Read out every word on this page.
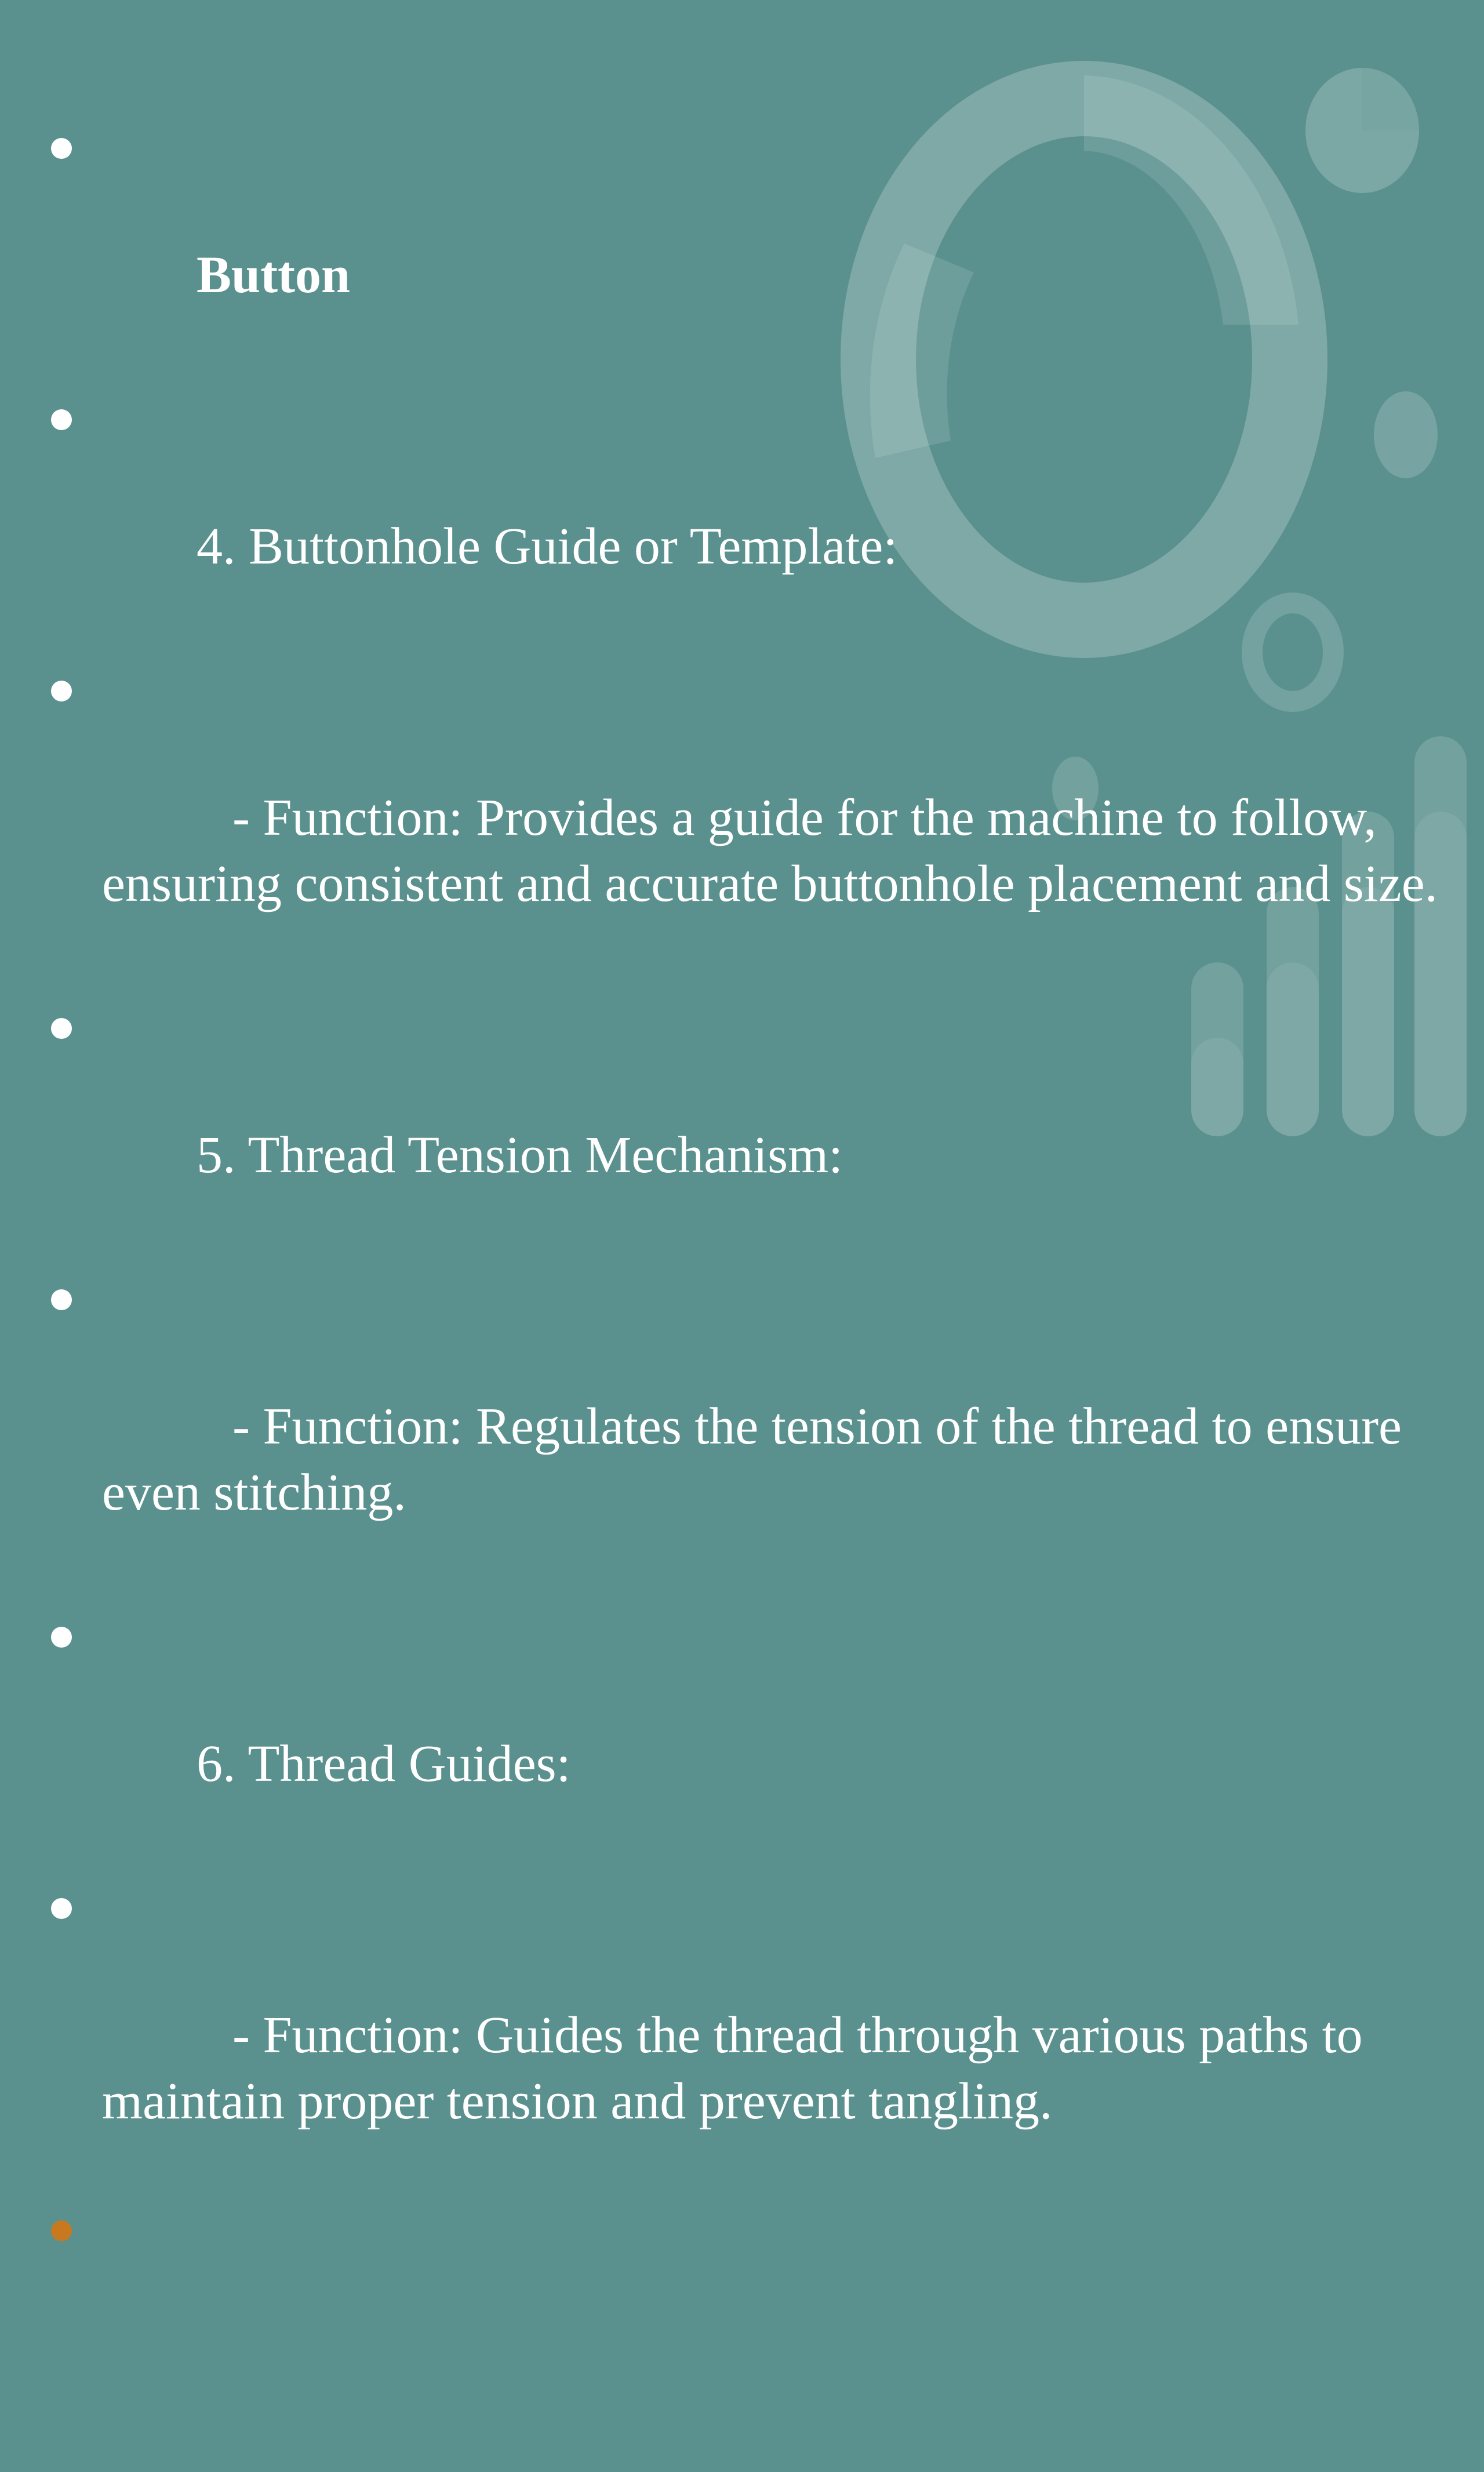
Button

4. Buttonhole Guide or Template:

- Function: Provides a guide for the machine to follow, ensuring consistent and accurate buttonhole placement and size.

5. Thread Tension Mechanism:

- Function: Regulates the tension of the thread to ensure even stitching.

6. Thread Guides:

- Function: Guides the thread through various paths to maintain proper tension and prevent tangling.
